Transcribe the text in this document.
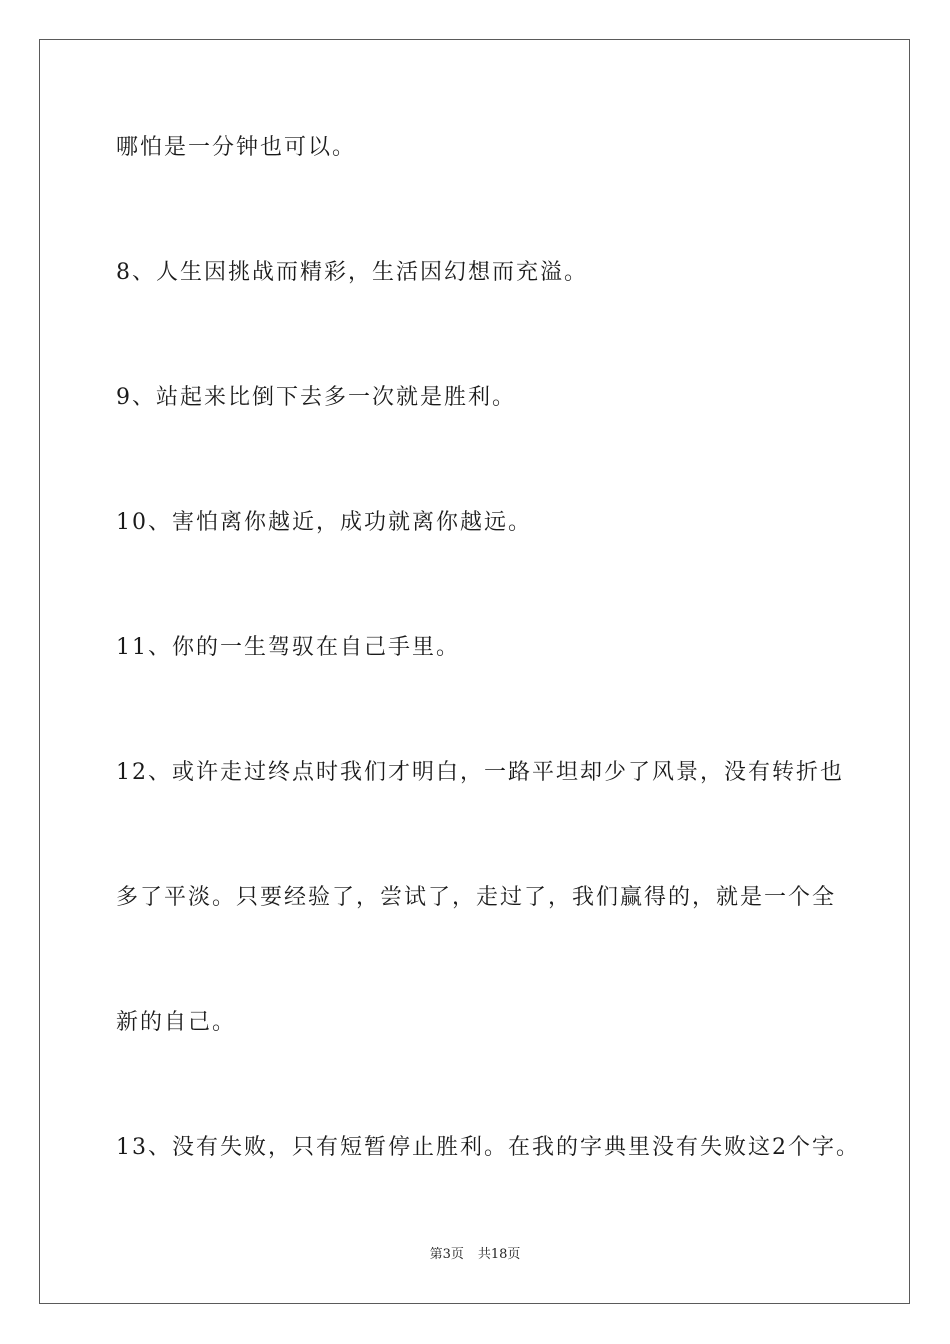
哪怕是一分钟也可以。
8、人生因挑战而精彩，生活因幻想而充溢。
9、站起来比倒下去多一次就是胜利。
10、害怕离你越近，成功就离你越远。
11、你的一生驾驭在自己手里。
12、或许走过终点时我们才明白，一路平坦却少了风景，没有转折也
多了平淡。只要经验了，尝试了，走过了，我们赢得的，就是一个全
新的自己。
13、没有失败，只有短暂停止胜利。在我的字典里没有失败这2个字。
第3页 共18页
